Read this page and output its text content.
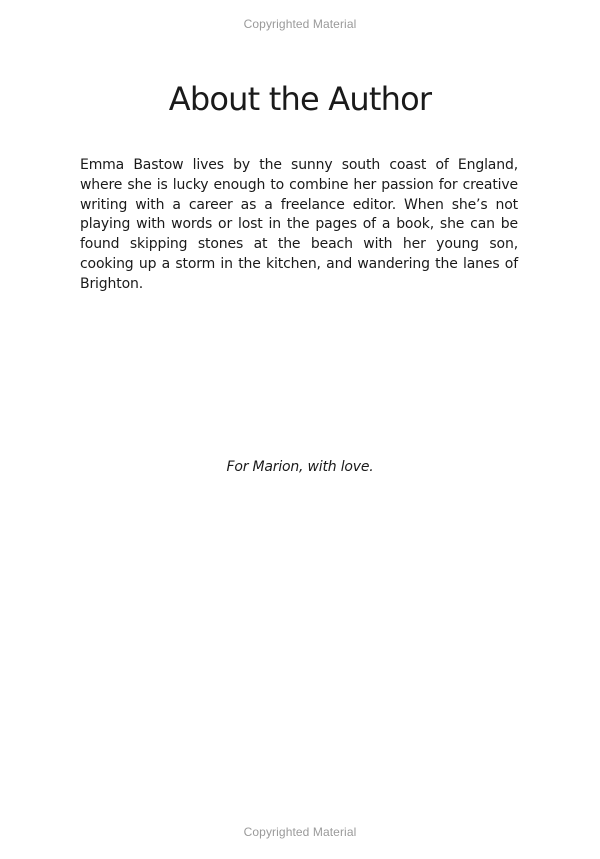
Copyrighted Material
About the Author

Emma Bastow lives by the sunny south coast of England, where she is lucky enough to combine her passion for creative writing with a career as a freelance editor. When she’s not playing with words or lost in the pages of a book, she can be found skipping stones at the beach with her young son, cooking up a storm in the kitchen, and wandering the lanes of Brighton.

For Marion, with love.

Copyrighted Material
